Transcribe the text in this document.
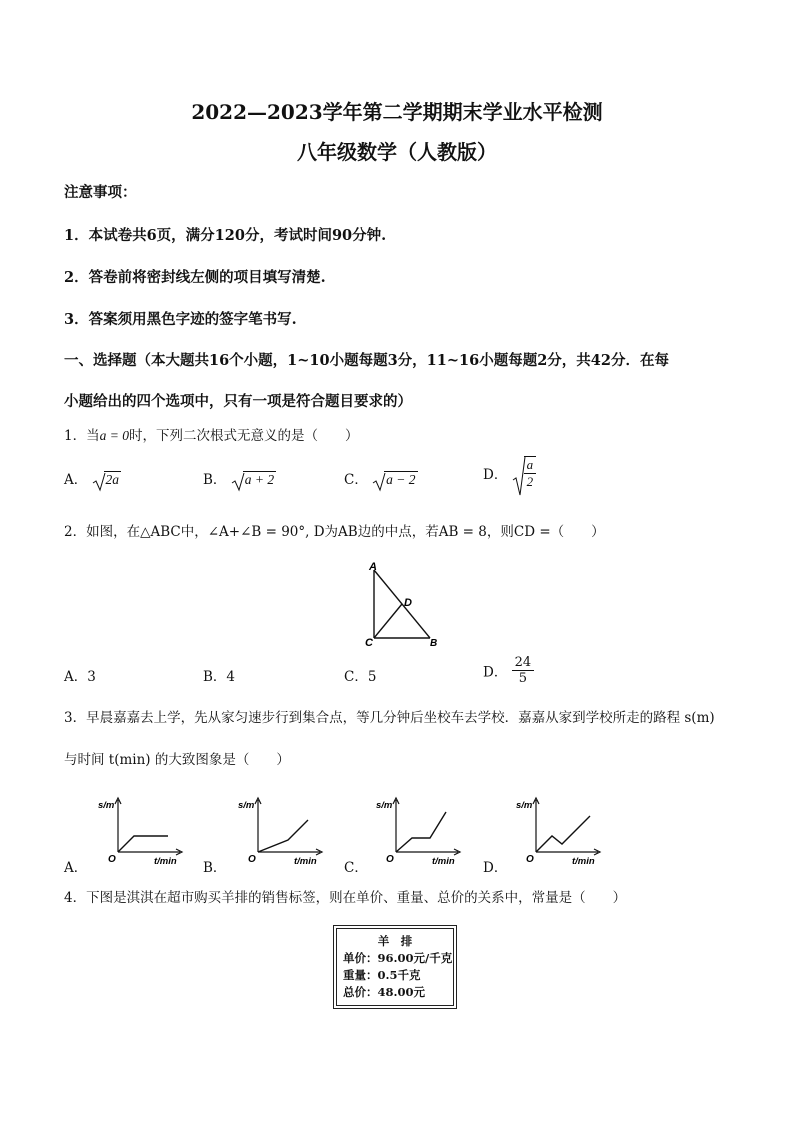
2022—2023学年第二学期期末学业水平检测
八年级数学（人教版）
注意事项：
1．本试卷共6页，满分120分，考试时间90分钟.
2．答卷前将密封线左侧的项目填写清楚.
3．答案须用黑色字迹的签字笔书写.
一、选择题（本大题共16个小题，1~10小题每题3分，11~16小题每题2分，共42分．在每
小题给出的四个选项中，只有一项是符合题目要求的）
1．当a = 0时，下列二次根式无意义的是（　　）
A． 2a	B． a + 2	C． a − 2	D． $\frac{a}{2}$
2．如图，在△ABC中，∠A+∠B = 90°, D为AB边的中点，若AB = 8，则CD =（　　）
A
D
C	B
A．3	B．4	C．5	D． $\frac{24}{5}$
3．早晨嘉嘉去上学，先从家匀速步行到集合点，等几分钟后坐校车去学校．嘉嘉从家到学校所走的路程 s(m)
与时间 t(min) 的大致图象是（　　）
A．	B．	C．	D．
s/m
O	t/min
s/m
O	t/min
s/m
O	t/min
s/m
O	t/min
4．下图是淇淇在超市购买羊排的销售标签，则在单价、重量、总价的关系中，常量是（　　）
羊　排
单价：96.00元/千克
重量：0.5千克
总价：48.00元
